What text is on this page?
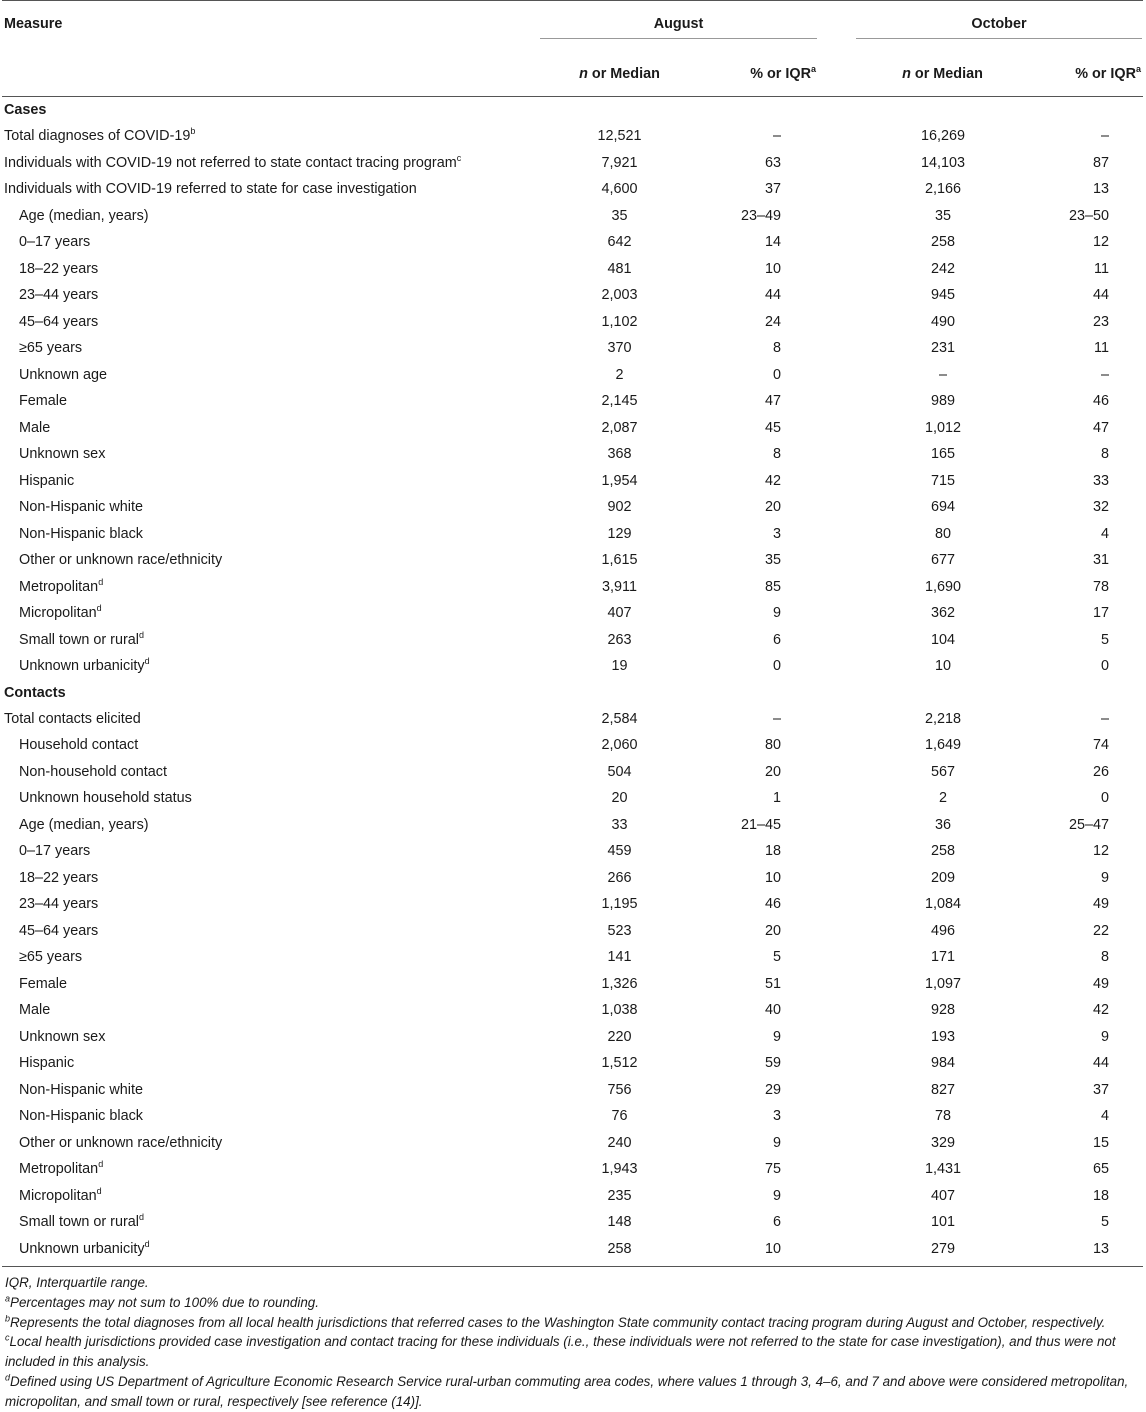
Measure	August		October	

	n or Median	% or IQR$^a$	n or Median	% or IQR$^a$
Cases				
Total diagnoses of COVID-19$^b$	12,521	–	16,269	–
Individuals with COVID-19 not referred to state contact tracing program$^c$	7,921	63	14,103	87
Individuals with COVID-19 referred to state for case investigation	4,600	37	2,166	13
Age (median, years)	35	23–49	35	23–50
0–17 years	642	14	258	12
18–22 years	481	10	242	11
23–44 years	2,003	44	945	44
45–64 years	1,102	24	490	23
≥65 years	370	8	231	11
Unknown age	2	0	–	–
Female	2,145	47	989	46
Male	2,087	45	1,012	47
Unknown sex	368	8	165	8
Hispanic	1,954	42	715	33
Non-Hispanic white	902	20	694	32
Non-Hispanic black	129	3	80	4
Other or unknown race/ethnicity	1,615	35	677	31
Metropolitan$^d$	3,911	85	1,690	78
Micropolitan$^d$	407	9	362	17
Small town or rural$^d$	263	6	104	5
Unknown urbanicity$^d$	19	0	10	0
Contacts				
Total contacts elicited	2,584	–	2,218	–
Household contact	2,060	80	1,649	74
Non-household contact	504	20	567	26
Unknown household status	20	1	2	0
Age (median, years)	33	21–45	36	25–47
0–17 years	459	18	258	12
18–22 years	266	10	209	9
23–44 years	1,195	46	1,084	49
45–64 years	523	20	496	22
≥65 years	141	5	171	8
Female	1,326	51	1,097	49
Male	1,038	40	928	42
Unknown sex	220	9	193	9
Hispanic	1,512	59	984	44
Non-Hispanic white	756	29	827	37
Non-Hispanic black	76	3	78	4
Other or unknown race/ethnicity	240	9	329	15
Metropolitan$^d$	1,943	75	1,431	65
Micropolitan$^d$	235	9	407	18
Small town or rural$^d$	148	6	101	5
Unknown urbanicity$^d$	258	10	279	13

IQR, Interquartile range.

$^a$Percentages may not sum to 100% due to rounding.

$^b$Represents the total diagnoses from all local health jurisdictions that referred cases to the Washington State community contact tracing program during August and October, respectively.

$^c$Local health jurisdictions provided case investigation and contact tracing for these individuals (i.e., these individuals were not referred to the state for case investigation), and thus were not included in this analysis.

$^d$Defined using US Department of Agriculture Economic Research Service rural-urban commuting area codes, where values 1 through 3, 4–6, and 7 and above were considered metropolitan, micropolitan, and small town or rural, respectively [see reference (14)].
